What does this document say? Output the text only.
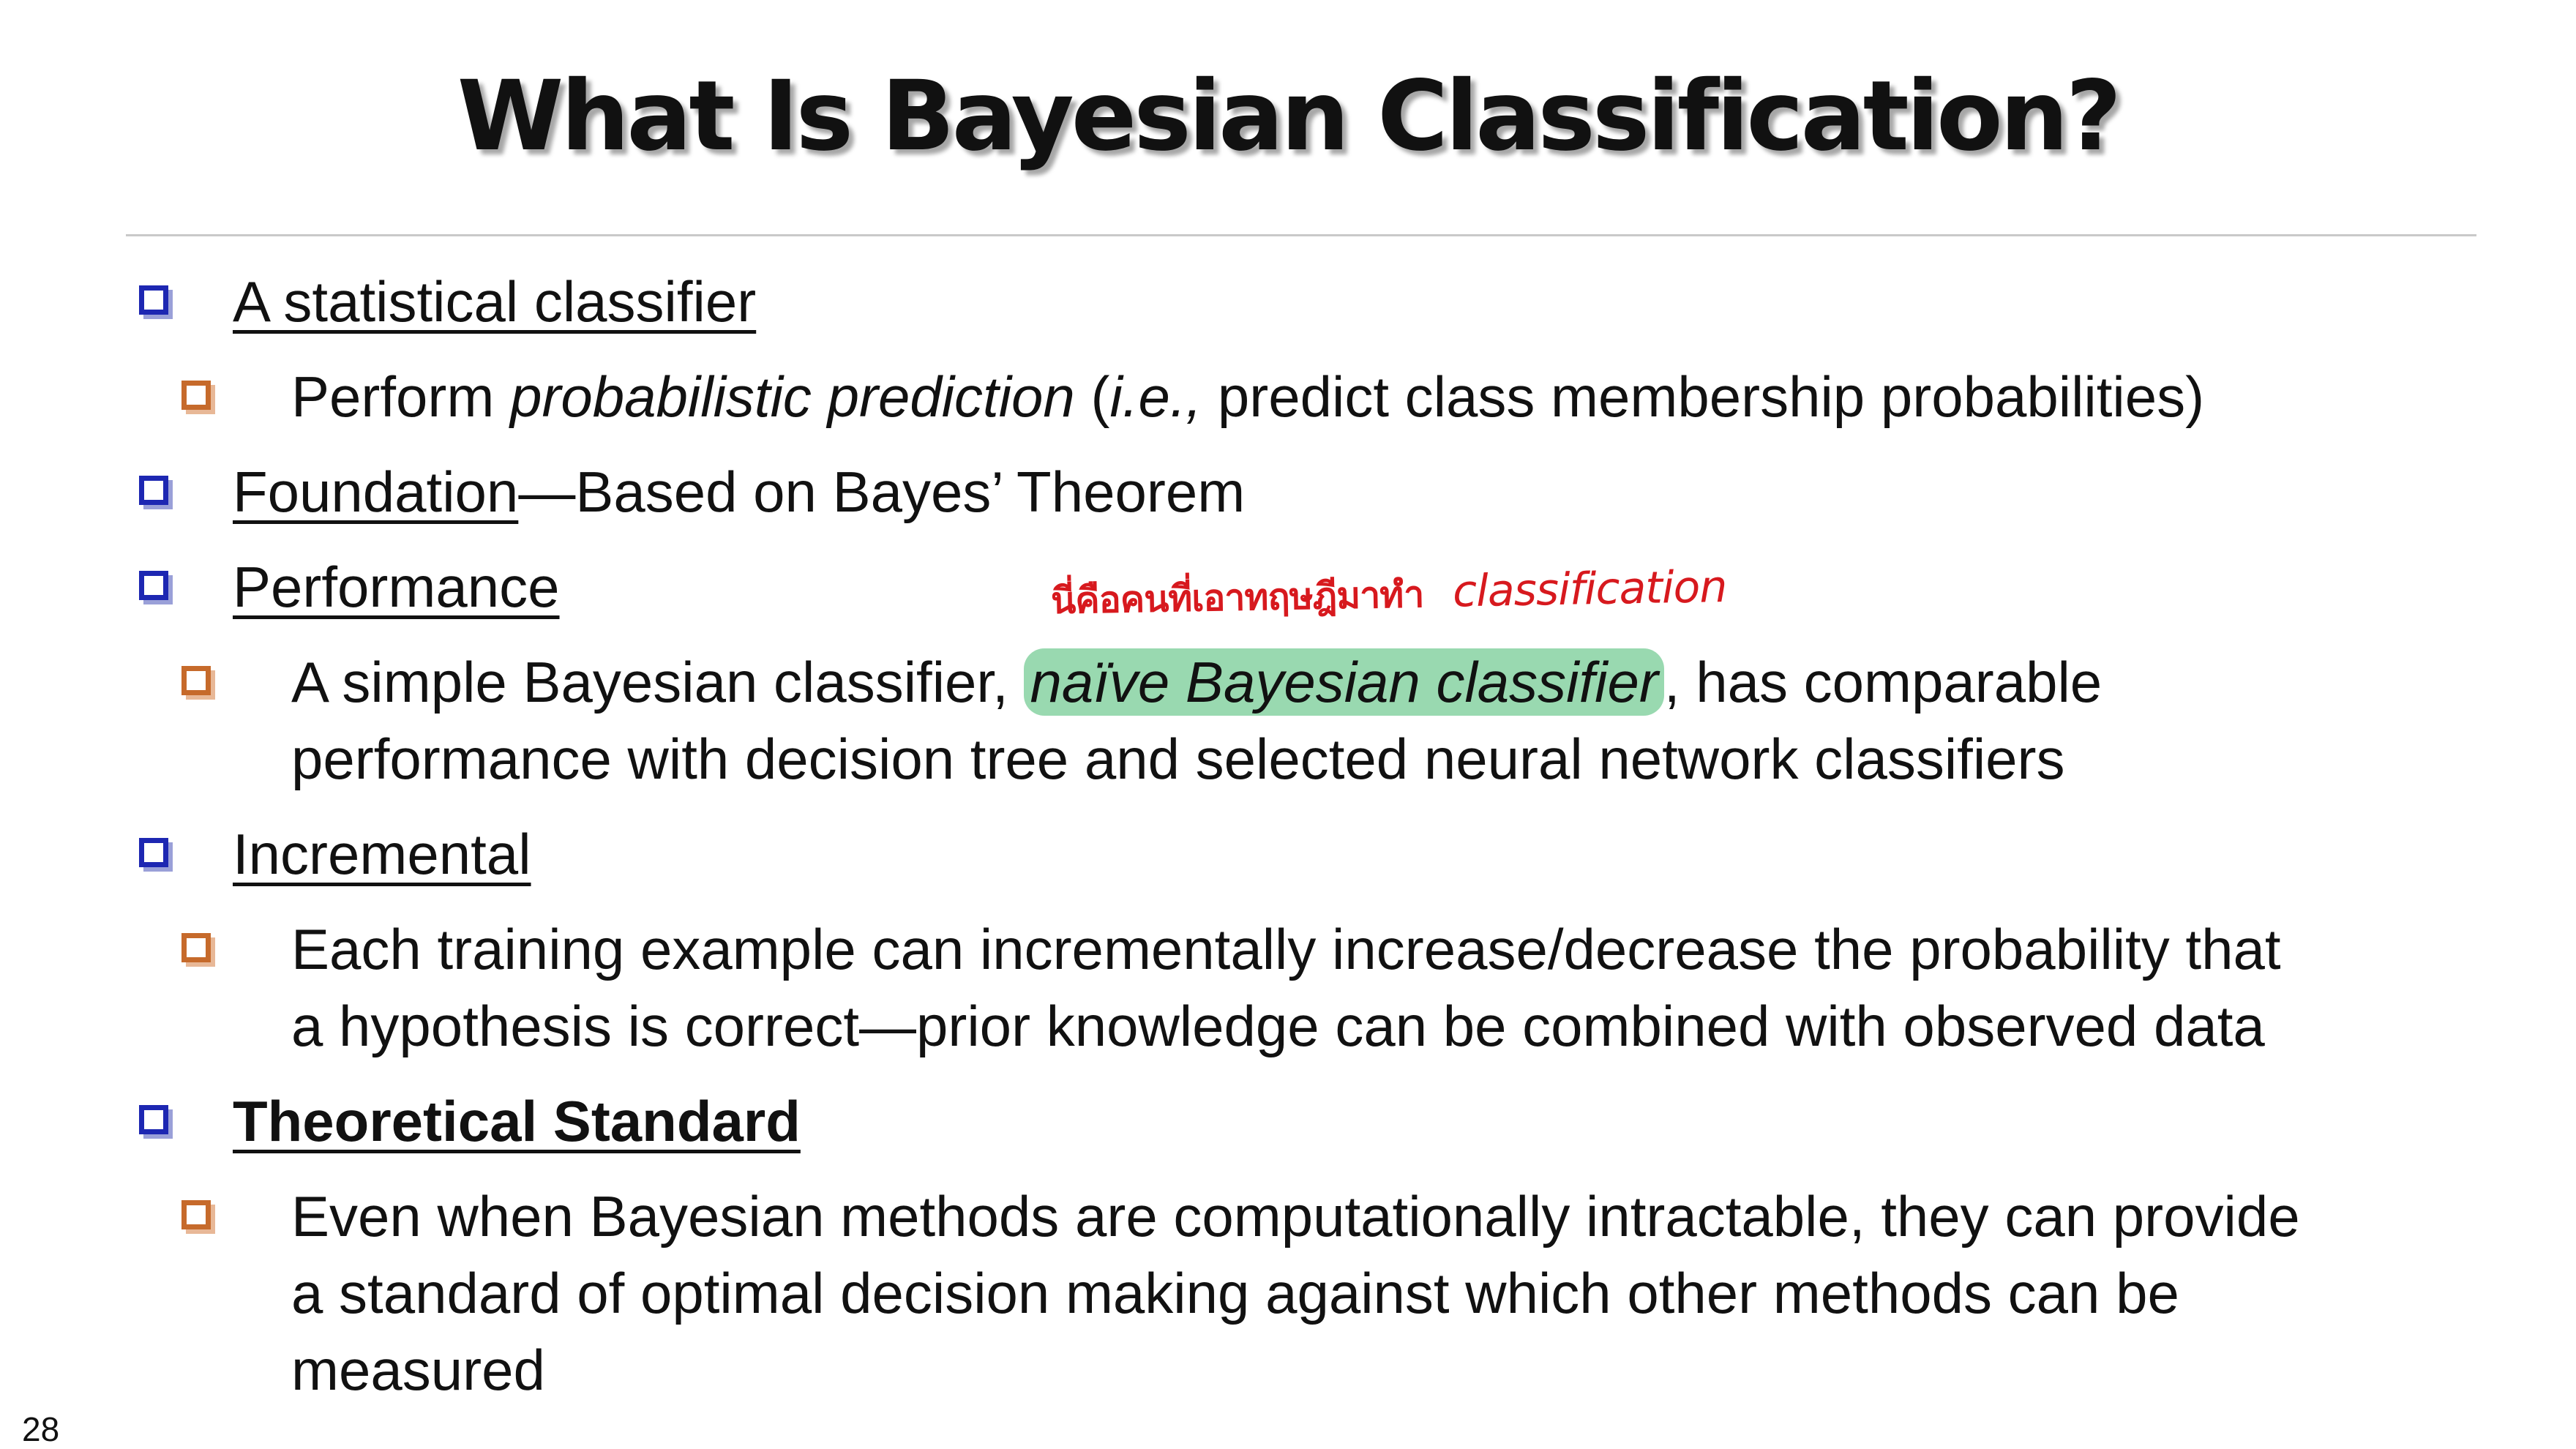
What Is Bayesian Classification?
A statistical classifier
Perform probabilistic prediction (i.e., predict class membership probabilities)
Foundation—Based on Bayes’ Theorem
Performance	นี่คือคนที่เอาทฤษฎีมาทำ classification
A simple Bayesian classifier, naïve Bayesian classifier , has comparable
performance with decision tree and selected neural network classifiers
Incremental
Each training example can incrementally increase/decrease the probability that
a hypothesis is correct—prior knowledge can be combined with observed data
Theoretical Standard
Even when Bayesian methods are computationally intractable, they can provide
a standard of optimal decision making against which other methods can be
measured
28
